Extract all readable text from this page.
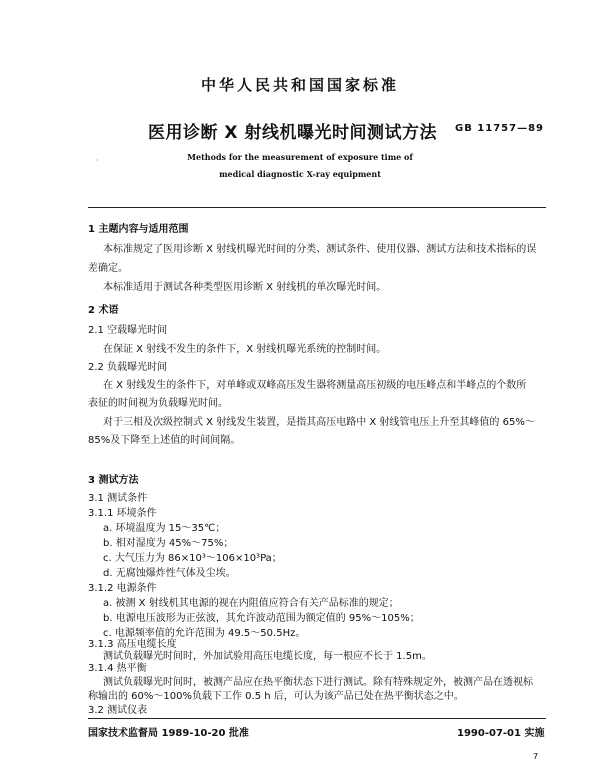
中华人民共和国国家标准
医用诊断 X 射线机曝光时间测试方法 GB 11757—89
Methods for the measurement of exposure time of
medical diagnostic X-ray equipment
·
1 主题内容与适用范围
本标准规定了医用诊断 X 射线机曝光时间的分类、测试条件、使用仪器、测试方法和技术指标的误
差确定。
本标准适用于测试各种类型医用诊断 X 射线机的单次曝光时间。
2 术语
2.1 空载曝光时间
在保证 X 射线不发生的条件下，X 射线机曝光系统的控制时间。
2.2 负载曝光时间
在 X 射线发生的条件下，对单峰或双峰高压发生器将测量高压初级的电压峰点和半峰点的个数所
表征的时间视为负载曝光时间。
对于三相及次级控制式 X 射线发生装置，是指其高压电路中 X 射线管电压上升至其峰值的 65%～
85%及下降至上述值的时间间隔。
3 测试方法
3.1 测试条件
3.1.1 环境条件
a. 环境温度为 15～35℃；
b. 相对湿度为 45%～75%；
c. 大气压力为 86×10³～106×10³Pa；
d. 无腐蚀爆炸性气体及尘埃。
3.1.2 电源条件
a. 被测 X 射线机其电源的视在内阻值应符合有关产品标准的规定；
b. 电源电压波形为正弦波，其允许波动范围为额定值的 95%～105%；
c. 电源频率值的允许范围为 49.5～50.5Hz。
3.1.3 高压电缆长度
测试负载曝光时间时，外加试验用高压电缆长度，每一根应不长于 1.5m。
3.2 测试仪表
国家技术监督局 1989-10-20 批准	1990-07-01 实施
7
测试负载曝光时间时，被测产品应在热平衡状态下进行测试。除有特殊规定外，被测产品在透视标
称输出的 60%～100%负载下工作 0.5 h 后，可认为该产品已处在热平衡状态之中。
3.1.4 热平衡
